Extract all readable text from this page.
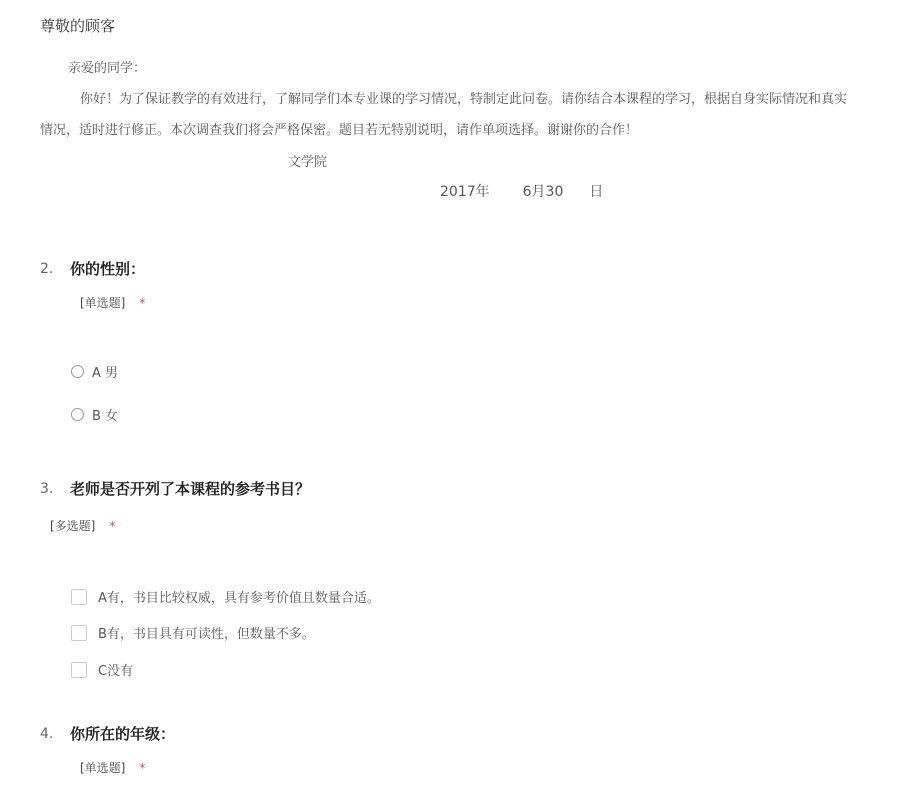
尊敬的顾客
亲爱的同学：
你好！为了保证教学的有效进行，了解同学们本专业课的学习情况，特制定此问卷。请你结合本课程的学习，根据自身实际情况和真实
情况，适时进行修正。本次调查我们将会严格保密。题目若无特别说明，请作单项选择。谢谢你的合作！
文学院
2017年 6月30 日
2. 你的性别：
[单选题] *
A 男
B 女
3. 老师是否开列了本课程的参考书目？
[多选题] *
A有，书目比较权威，具有参考价值且数量合适。
B有，书目具有可读性，但数量不多。
C没有
4. 你所在的年级：
[单选题] *
